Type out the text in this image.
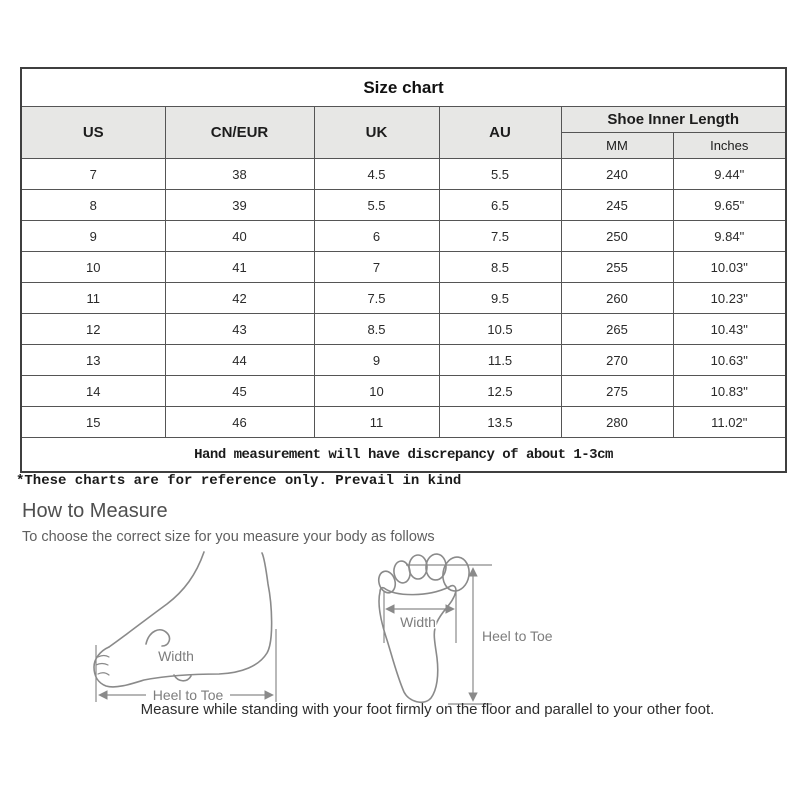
Size chart					
US	CN/EUR	UK	AU	Shoe Inner Length	
				MM	Inches
7	38	4.5	5.5	240	9.44"
8	39	5.5	6.5	245	9.65"
9	40	6	7.5	250	9.84"
10	41	7	8.5	255	10.03"
11	42	7.5	9.5	260	10.23"
12	43	8.5	10.5	265	10.43"
13	44	9	11.5	270	10.63"
14	45	10	12.5	275	10.83"
15	46	11	13.5	280	11.02"
Hand measurement will have discrepancy of about 1-3cm					
*These charts are for reference only. Prevail in kind
How to Measure
To choose the correct size for you measure your body as follows
Width
Heel to Toe
Width
Heel to Toe
Measure while standing with your foot firmly on the floor and parallel to your other foot.
